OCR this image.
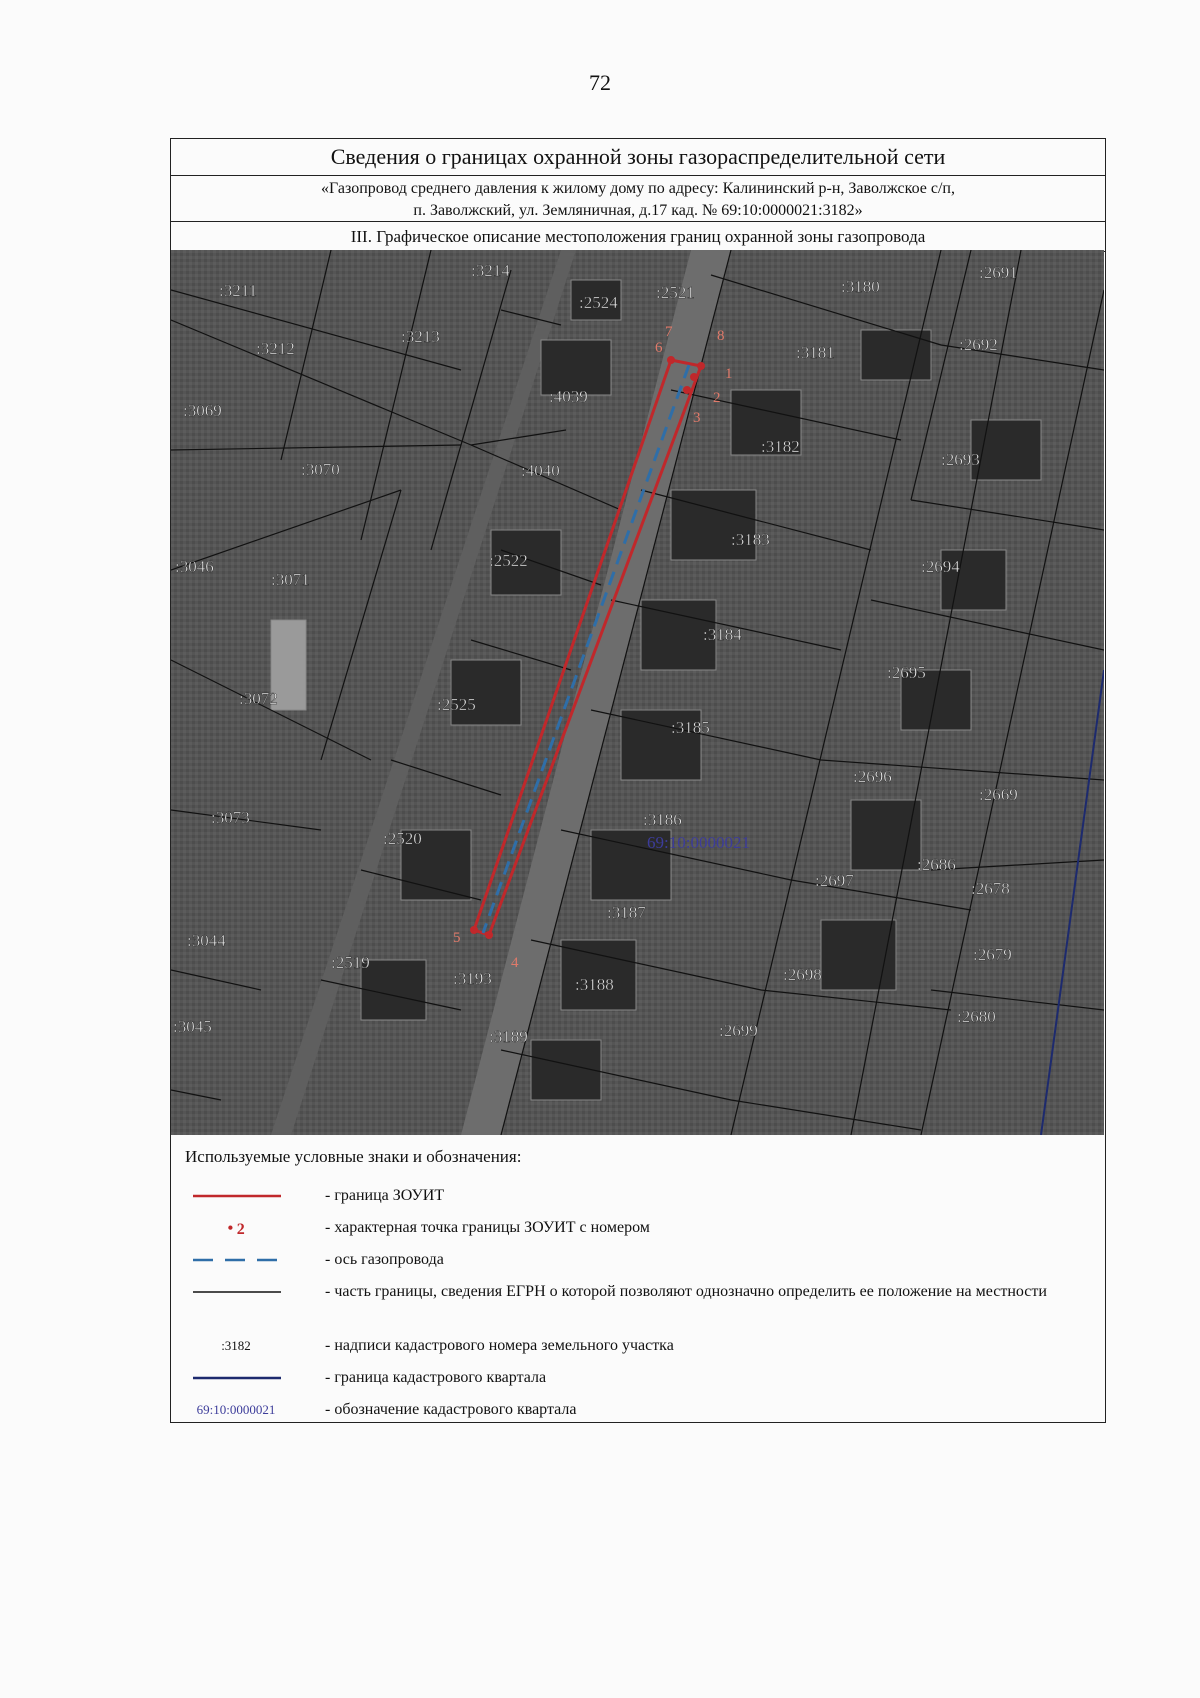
72
Сведения о границах охранной зоны газораспределительной сети
«Газопровод среднего давления к жилому дому по адресу: Калининский р-н, Заволжское с/п,
п. Заволжский, ул. Земляничная, д.17 кад. № 69:10:0000021:3182»
III. Графическое описание местоположения границ охранной зоны газопровода
1
2
3
4
5
6
7	8
:3211
:3214
:2524
:2521	:3180
:2691
:3212
:3213
:3181	:2692
:3069
:4039
:3182
:2693
:3070	:4040
:3183
:3046
:3071
:2522	:2694
:3184
:3072	:2525
:2695
:3185
:2696
:2669
:3073
:2520
:3186
:2686
:2697	:2678
:3044
:3187
:2519
:3193	:3188
:2698
:2679
:3045
:3189	:2699
:2680
69:10:0000021
Используемые условные знаки и обозначения:
- граница ЗОУИТ
• 2	- характерная точка границы ЗОУИТ с номером
- ось газопровода
- часть границы, сведения ЕГРН о которой позволяют однозначно определить ее положение на местности
:3182	- надписи кадастрового номера земельного участка
- граница кадастрового квартала
69:10:0000021	- обозначение кадастрового квартала
